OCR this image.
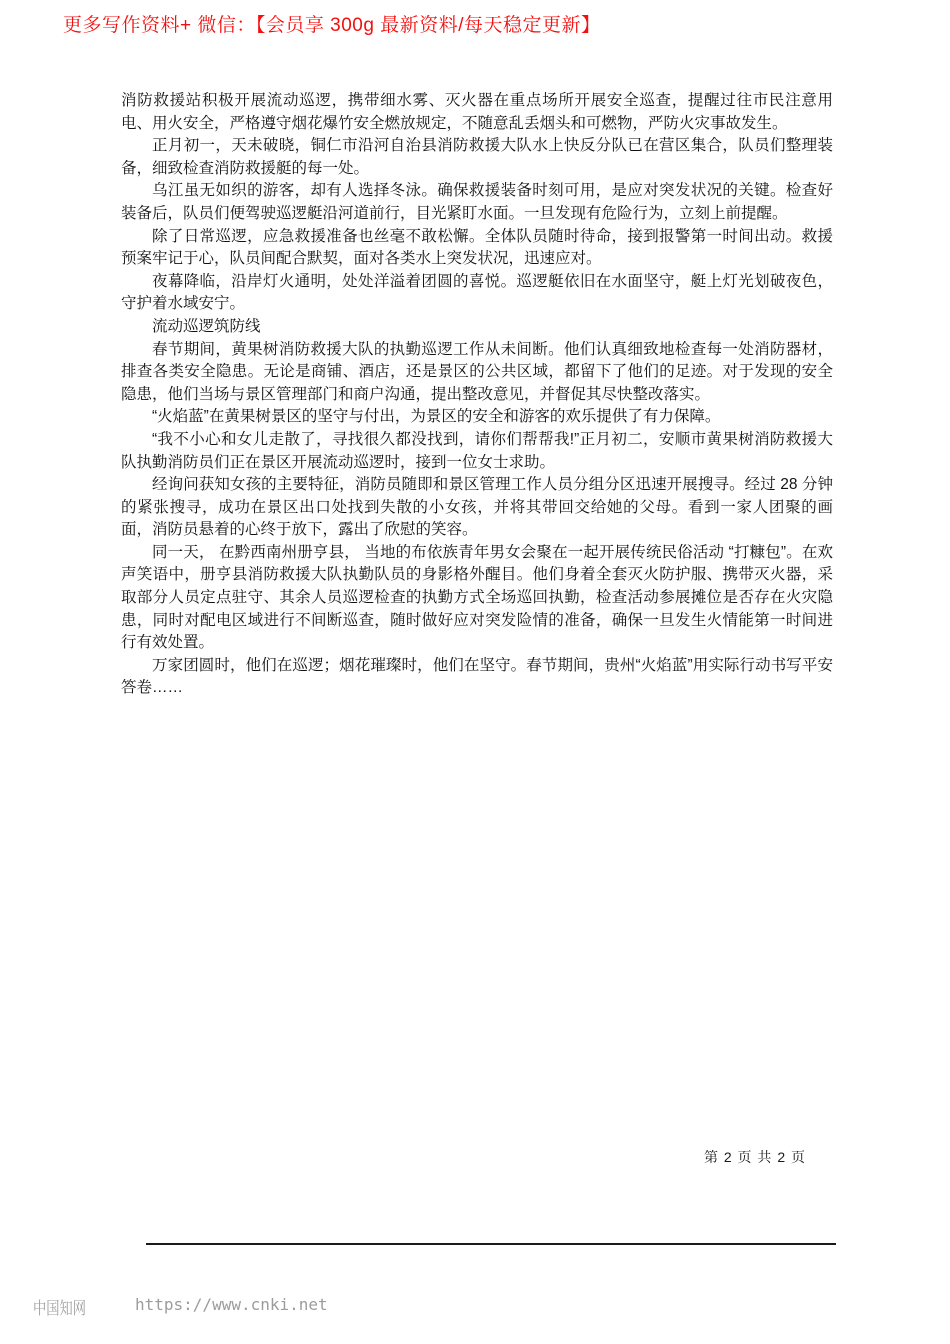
更多写作资料+ 微信：【会员享 300g 最新资料/每天稳定更新】

消防救援站积极开展流动巡逻，携带细水雾、灭火器在重点场所开展安全巡查，提醒过往市民注意用电、用火安全，严格遵守烟花爆竹安全燃放规定，不随意乱丢烟头和可燃物，严防火灾事故发生。

正月初一，天未破晓，铜仁市沿河自治县消防救援大队水上快反分队已在营区集合，队员们整理装备，细致检查消防救援艇的每一处。

乌江虽无如织的游客，却有人选择冬泳。确保救援装备时刻可用，是应对突发状况的关键。检查好装备后，队员们便驾驶巡逻艇沿河道前行，目光紧盯水面。一旦发现有危险行为，立刻上前提醒。

除了日常巡逻，应急救援准备也丝毫不敢松懈。全体队员随时待命，接到报警第一时间出动。救援预案牢记于心，队员间配合默契，面对各类水上突发状况，迅速应对。

夜幕降临，沿岸灯火通明，处处洋溢着团圆的喜悦。巡逻艇依旧在水面坚守，艇上灯光划破夜色，守护着水域安宁。

流动巡逻筑防线

春节期间，黄果树消防救援大队的执勤巡逻工作从未间断。他们认真细致地检查每一处消防器材，排查各类安全隐患。无论是商铺、酒店，还是景区的公共区域，都留下了他们的足迹。对于发现的安全隐患，他们当场与景区管理部门和商户沟通，提出整改意见，并督促其尽快整改落实。

“火焰蓝”在黄果树景区的坚守与付出，为景区的安全和游客的欢乐提供了有力保障。

“我不小心和女儿走散了，寻找很久都没找到，请你们帮帮我!”正月初二，安顺市黄果树消防救援大队执勤消防员们正在景区开展流动巡逻时，接到一位女士求助。

经询问获知女孩的主要特征，消防员随即和景区管理工作人员分组分区迅速开展搜寻。经过 28 分钟的紧张搜寻，成功在景区出口处找到失散的小女孩，并将其带回交给她的父母。看到一家人团聚的画面，消防员悬着的心终于放下，露出了欣慰的笑容。

同一天， 在黔西南州册亨县， 当地的布依族青年男女会聚在一起开展传统民俗活动 “打糠包”。在欢声笑语中，册亨县消防救援大队执勤队员的身影格外醒目。他们身着全套灭火防护服、携带灭火器，采取部分人员定点驻守、其余人员巡逻检查的执勤方式全场巡回执勤，检查活动参展摊位是否存在火灾隐患，同时对配电区域进行不间断巡查，随时做好应对突发险情的准备，确保一旦发生火情能第一时间进行有效处置。

万家团圆时，他们在巡逻；烟花璀璨时，他们在坚守。春节期间，贵州“火焰蓝”用实际行动书写平安答卷……

第 2 页 共 2 页
中国知网	https://www.cnki.net
